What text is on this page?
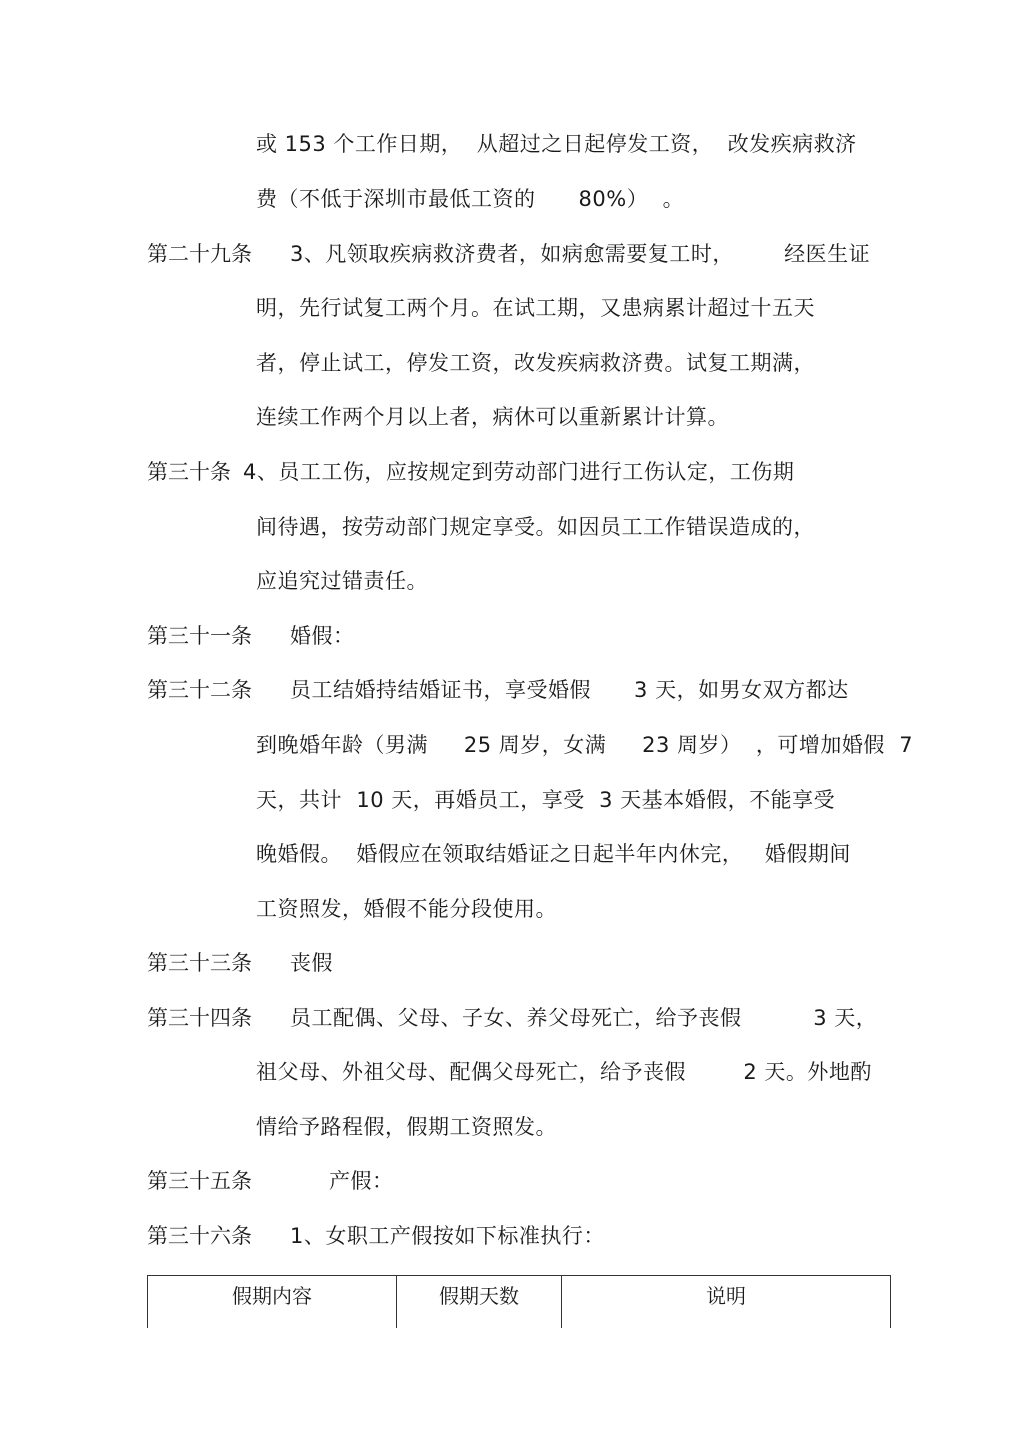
或 153 个工作日期，  从超过之日起停发工资，  改发疾病救济
费（不低于深圳市最低工资的      80%）  。
第二十九条 3、凡领取疾病救济费者，如病愈需要复工时，       经医生证
明，先行试复工两个月。在试工期，又患病累计超过十五天
者，停止试工，停发工资，改发疾病救济费。试复工期满，
连续工作两个月以上者，病休可以重新累计计算。
第三十条 4、员工工伤，应按规定到劳动部门进行工伤认定，工伤期
间待遇，按劳动部门规定享受。如因员工工作错误造成的，
应追究过错责任。
第三十一条 婚假：
第三十二条 员工结婚持结婚证书，享受婚假      3 天，如男女双方都达
到晚婚年龄（男满     25 周岁，女满     23 周岁）  ，可增加婚假  7
天，共计  10 天，再婚员工，享受  3 天基本婚假，不能享受
晚婚假。  婚假应在领取结婚证之日起半年内休完，   婚假期间
工资照发，婚假不能分段使用。
第三十三条 丧假
第三十四条 员工配偶、父母、子女、养父母死亡，给予丧假          3 天，
祖父母、外祖父母、配偶父母死亡，给予丧假        2 天。外地酌
情给予路程假，假期工资照发。
第三十五条	产假：
第三十六条 1、女职工产假按如下标准执行：
假期内容	假期天数	说明
